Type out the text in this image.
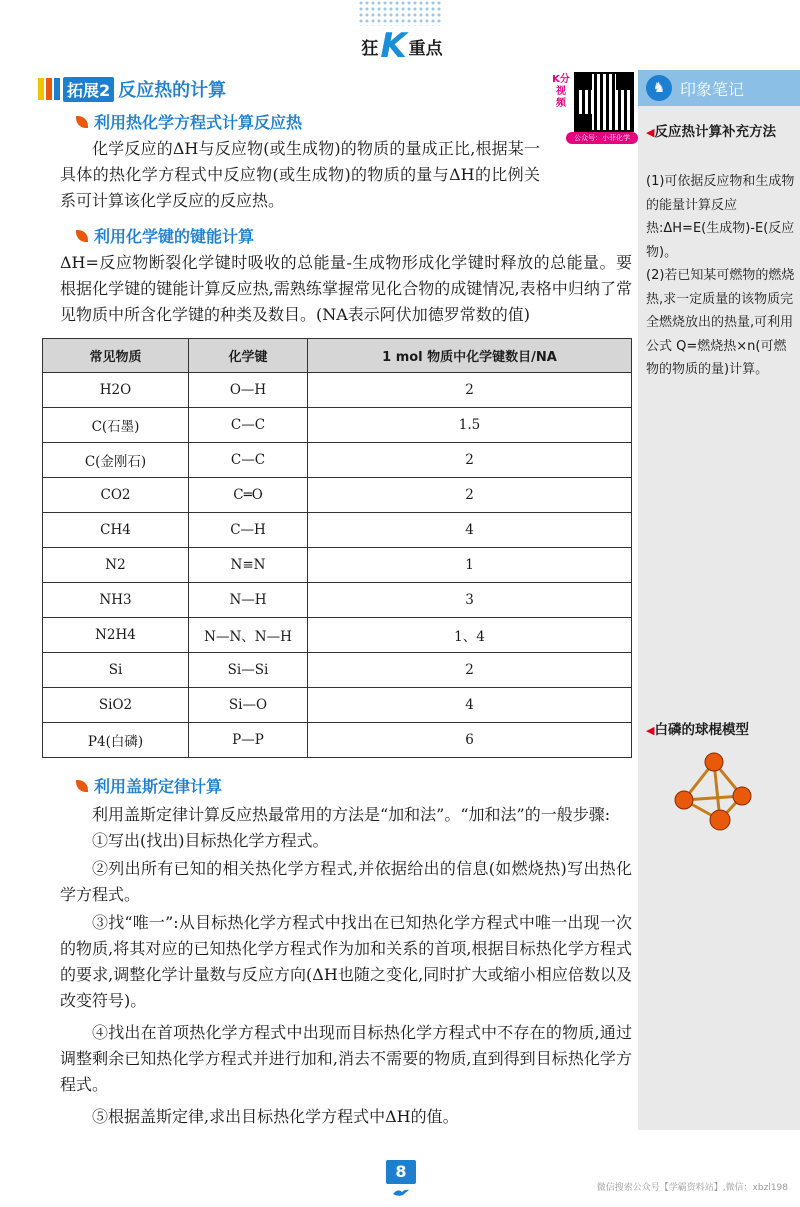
狂 K 重点
拓展2 反应热的计算
K分视频
公众号：小菲化学
利用热化学方程式计算反应热
化学反应的ΔH与反应物(或生成物)的物质的量成正比,根据某一具体的热化学方程式中反应物(或生成物)的物质的量与ΔH的比例关系可计算该化学反应的反应热。
利用化学键的键能计算
ΔH=反应物断裂化学键时吸收的总能量-生成物形成化学键时释放的总能量。要根据化学键的键能计算反应热,需熟练掌握常见化合物的成键情况,表格中归纳了常见物质中所含化学键的种类及数目。(NA表示阿伏加德罗常数的值)
常见物质	化学键	1 mol 物质中化学键数目/NA
H2O	O—H	2
C(石墨)	C—C	1.5
C(金刚石)	C—C	2
CO2	C═O	2
CH4	C—H	4
N2	N≡N	1
NH3	N—H	3
N2H4	N—N、N—H	1、4
Si	Si—Si	2
SiO2	Si—O	4
P4(白磷)	P—P	6
利用盖斯定律计算
利用盖斯定律计算反应热最常用的方法是“加和法”。“加和法”的一般步骤:
①写出(找出)目标热化学方程式。
②列出所有已知的相关热化学方程式,并依据给出的信息(如燃烧热)写出热化学方程式。
③找“唯一”:从目标热化学方程式中找出在已知热化学方程式中唯一出现一次的物质,将其对应的已知热化学方程式作为加和关系的首项,根据目标热化学方程式的要求,调整化学计量数与反应方向(ΔH也随之变化,同时扩大或缩小相应倍数以及改变符号)。
④找出在首项热化学方程式中出现而目标热化学方程式中不存在的物质,通过调整剩余已知热化学方程式并进行加和,消去不需要的物质,直到得到目标热化学方程式。
⑤根据盖斯定律,求出目标热化学方程式中ΔH的值。
♞ 印象笔记
◀反应热计算补充方法
(1)可依据反应物和生成物的能量计算反应热:ΔH=E(生成物)-E(反应物)。
(2)若已知某可燃物的燃烧热,求一定质量的该物质完全燃烧放出的热量,可利用公式 Q=燃烧热×n(可燃物的物质的量)计算。
◀白磷的球棍模型
8
微信搜索公众号【学霸资料站】,微信：xbzl198
